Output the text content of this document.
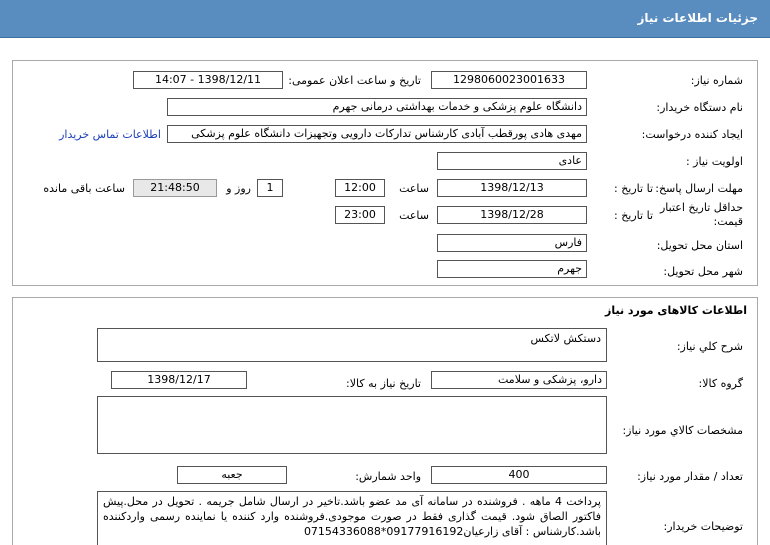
جزئیات اطلاعات نیاز
شماره نیاز:
1298060023001633
تاریخ و ساعت اعلان عمومی:
1398/12/11 - 14:07
نام دستگاه خریدار:
دانشگاه علوم پزشکی و خدمات بهداشتی درمانی جهرم
ایجاد کننده درخواست:
مهدی هادی پورقطب آبادی کارشناس تدارکات دارویی وتجهیزات دانشگاه علوم پزشکی
اطلاعات تماس خریدار
اولویت نیاز :
عادی
مهلت ارسال پاسخ:
تا تاریخ :
1398/12/13
ساعت
12:00
1
روز و
21:48:50
ساعت باقی مانده
حداقل تاریخ اعتبار قیمت:
تا تاریخ :
1398/12/28
ساعت
23:00
استان محل تحویل:
فارس
شهر محل تحویل:
جهرم
اطلاعات کالاهای مورد نیاز
شرح کلي نياز:
دستکش لاتکس
گروه کالا:
دارو، پزشکی و سلامت
تاریخ نیاز به کالا:
1398/12/17
مشخصات کالاي مورد نياز:
تعداد / مقدار مورد نیاز:
400
واحد شمارش:
جعبه
توضیحات خریدار:
پرداخت 4 ماهه . فروشنده در سامانه آی مد عضو باشد.تاخیر در ارسال شامل جریمه . تحویل در محل.پیش فاکتور الصاق شود. قیمت گذاری فقط در صورت موجودی.فروشنده وارد کننده یا نماینده رسمی واردکننده باشد.کارشناس : آقای زارعیان09177916192*07154336088
